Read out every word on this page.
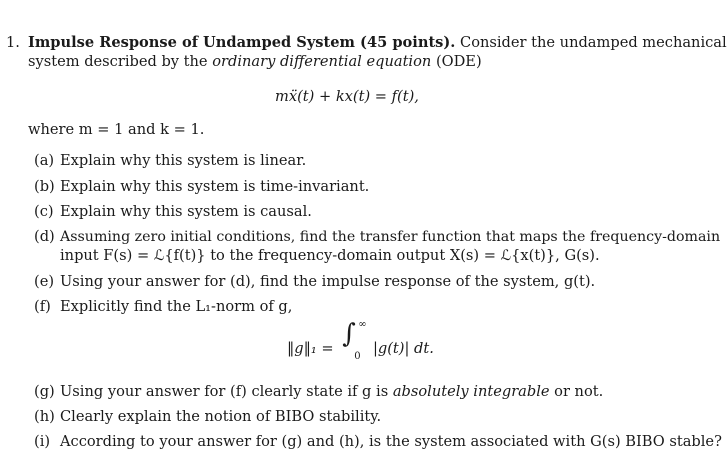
1. Impulse Response of Undamped System (45 points). Consider the undamped mechanical
system described by the ordinary differential equation (ODE)
mẍ(t) + kx(t) = f(t),
where m = 1 and k = 1.
(a) Explain why this system is linear.
(b) Explain why this system is time-invariant.
(c) Explain why this system is causal.
(d) Assuming zero initial conditions, find the transfer function that maps the frequency-domain
input F(s) = ℒ{f(t)} to the frequency-domain output X(s) = ℒ{x(t)}, G(s).
(e) Using your answer for (d), find the impulse response of the system, g(t).
(f) Explicitly find the L₁-norm of g,
‖g‖₁ = ∫ ∞
0 |g(t)| dt.
(g) Using your answer for (f) clearly state if g is absolutely integrable or not.
(h) Clearly explain the notion of BIBO stability.
(i) According to your answer for (g) and (h), is the system associated with G(s) BIBO stable?
